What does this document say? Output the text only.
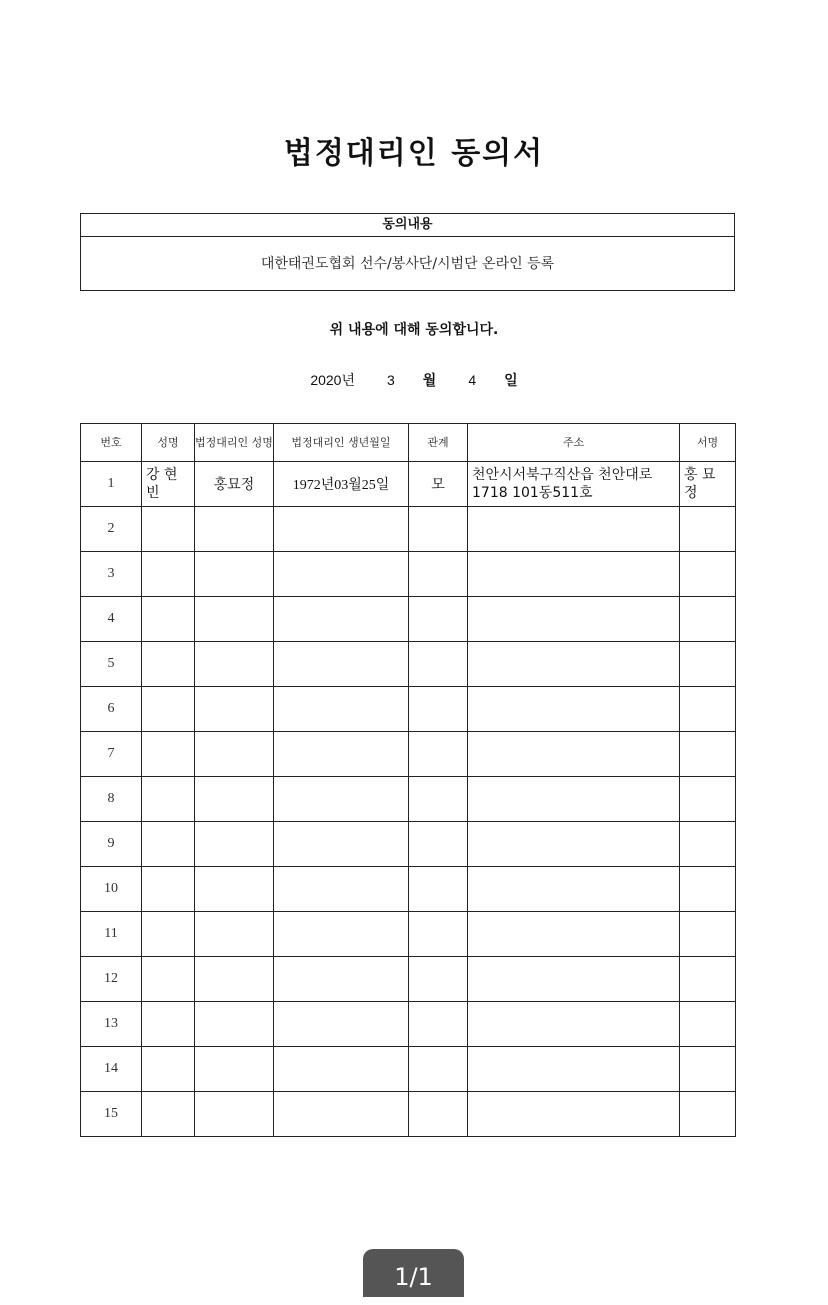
법정대리인 동의서
동의내용
대한태권도협회 선수/봉사단/시범단 온라인 등록
위 내용에 대해 동의합니다.
2020년 3 월 4 일
번호	성명	법정대리인 성명	법정대리인 생년월일	관계	주소	서명
1	강 현 빈	홍묘정	1972년03월25일	모	천안시서북구직산읍 천안대로1718 101동511호	홍 묘 정
2						
3						
4						
5						
6						
7						
8						
9						
10						
11						
12						
13						
14						
15						
1/1
